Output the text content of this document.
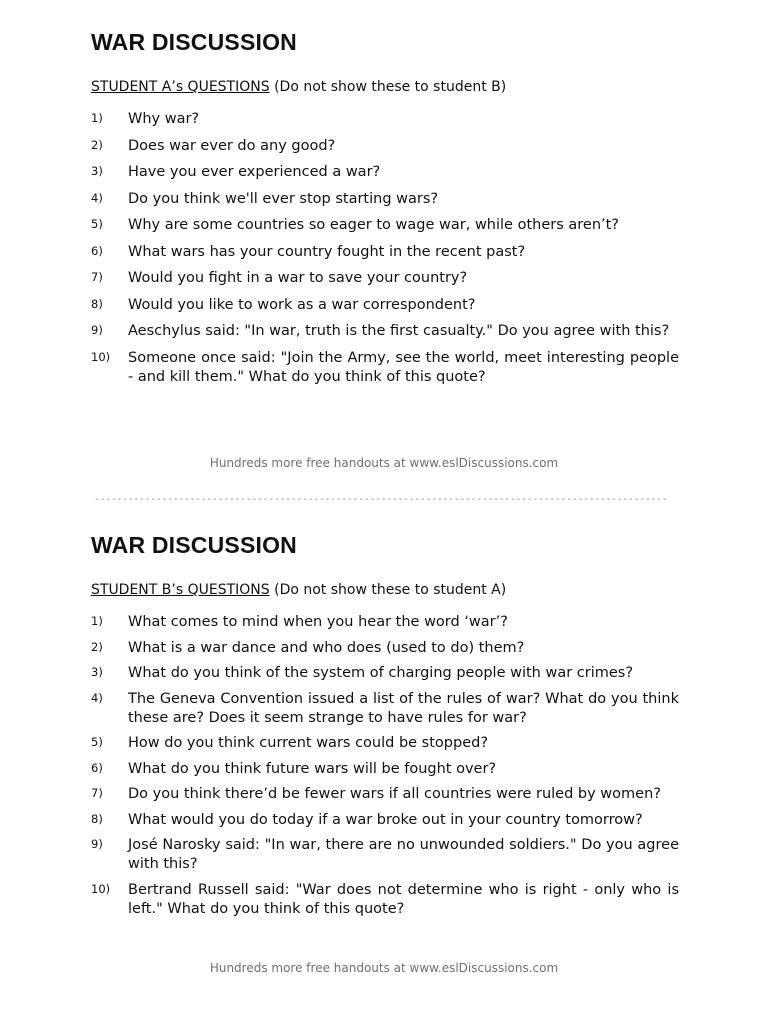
WAR DISCUSSION
STUDENT A’s QUESTIONS (Do not show these to student B)
1)	Why war?
2)	Does war ever do any good?
3)	Have you ever experienced a war?
4)	Do you think we'll ever stop starting wars?
5)	Why are some countries so eager to wage war, while others aren’t?
6)	What wars has your country fought in the recent past?
7)	Would you fight in a war to save your country?
8)	Would you like to work as a war correspondent?
9)	Aeschylus said: "In war, truth is the first casualty." Do you agree with this?
10)	Someone once said: "Join the Army, see the world, meet interesting people - and kill them." What do you think of this quote?
Hundreds more free handouts at www.eslDiscussions.com
------------------------------------------------------------------------------------------------------
WAR DISCUSSION
STUDENT B’s QUESTIONS (Do not show these to student A)
1)	What comes to mind when you hear the word ‘war’?
2)	What is a war dance and who does (used to do) them?
3)	What do you think of the system of charging people with war crimes?
4)	The Geneva Convention issued a list of the rules of war? What do you think these are? Does it seem strange to have rules for war?
5)	How do you think current wars could be stopped?
6)	What do you think future wars will be fought over?
7)	Do you think there’d be fewer wars if all countries were ruled by women?
8)	What would you do today if a war broke out in your country tomorrow?
9)	José Narosky said: "In war, there are no unwounded soldiers." Do you agree with this?
10)	Bertrand Russell said: "War does not determine who is right - only who is left." What do you think of this quote?
Hundreds more free handouts at www.eslDiscussions.com
